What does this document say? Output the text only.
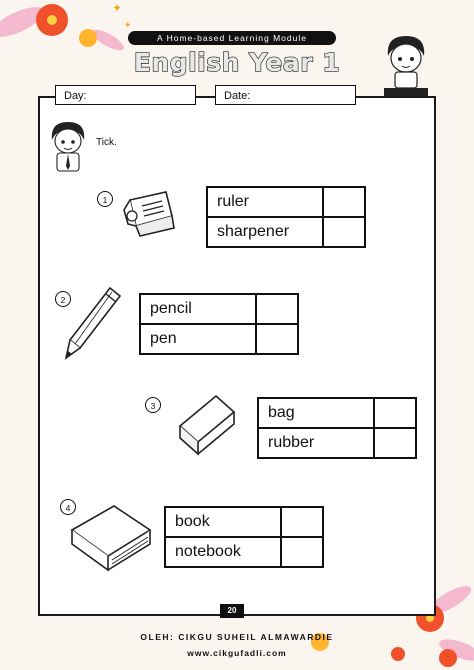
✦
✦
A Home-based Learning Module
English Year 1
Day:	Date:
Tick.
1	ruler	
sharpener	
2	pencil	
pen	
3	bag	
rubber	
4
book	
notebook	
20
OLEH: CIKGU SUHEIL ALMAWARDIE
www.cikgufadli.com
